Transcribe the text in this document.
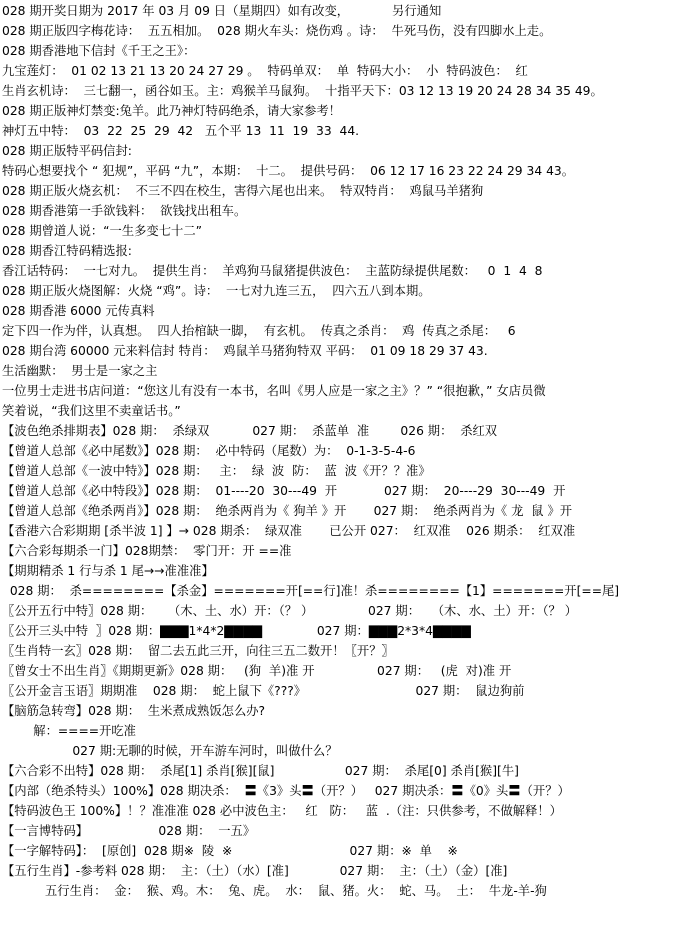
028 期开奖日期为 2017 年 03 月 09 日（星期四）如有改变，           另行通知
028 期正版四字梅花诗：  五五相加。  028 期火车头：烧伤鸡 。诗：  牛死马伤，没有四脚水上走。
028 期香港地下信封《千王之王》：
九宝莲灯：  01 02 13 21 13 20 24 27 29 。  特码单双：  单  特码大小：  小  特码波色：  红
生肖玄机诗：  三七翻一，函谷如玉。主：鸡猴羊马鼠狗。  十指平天下：03 12 13 19 20 24 28 34 35 49。
028 期正版神灯禁变:兔羊。此乃神灯特码绝杀，请大家参考！
神灯五中特：  03  22  25  29  42   五个平 13  11  19  33  44.
028 期正版特平码信封:
特码心想要找个 “ 犯规”，平码 “九”，本期：  十二。  提供号码：  06 12 17 16 23 22 24 29 34 43。
028 期正版火烧玄机：  不三不四在校生，害得六尾也出来。  特双特肖：  鸡鼠马羊猪狗
028 期香港第一手欲钱料：  欲钱找出租车。
028 期曾道人说：“一生多变七十二”
028 期香江特码精选报:
香江话特码：  一七对九。  提供生肖：  羊鸡狗马鼠猪提供波色：  主蓝防绿提供尾数：   0  1  4  8
028 期正版火烧图解：火烧 “鸡”。诗：  一七对九连三五，  四六五八到本期。
028 期香港 6000 元传真料
定下四一作为伴，认真想。  四人抬棺缺一脚，  有玄机。  传真之杀肖：  鸡  传真之杀尾：   6
028 期台湾 60000 元来料信封 特肖：  鸡鼠羊马猪狗特双 平码：  01 09 18 29 37 43.
生活幽默：  男士是一家之主
一位男士走进书店问道：“您这儿有没有一本书，名叫《男人应是一家之主》？” “很抱歉，” 女店员微
笑着说，“我们这里不卖童话书。”
【波色绝杀排期表】028 期：  杀绿双           027 期：  杀蓝单  准        026 期：  杀红双
【曾道人总部《必中尾数》】028 期：  必中特码（尾数）为：  0-1-3-5-4-6
【曾道人总部《一波中特》】028 期：   主：  绿  波  防：  蓝  波《开？？准》
【曾道人总部《必中特段》】028 期：  01----20  30---49  开            027 期：  20----29  30---49  开
【曾道人总部《绝杀两肖》】028 期：  绝杀两肖为《 狗羊 》开       027 期：  绝杀两肖为《 龙  鼠 》开
【香港六合彩期期 [杀半波 1] 】→ 028 期杀：  绿双准       已公开 027：  红双准    026 期杀：  红双准
【六合彩每期杀一门】028期禁：  零门开：开 ==准
【期期精杀 1 行与杀 1 尾→→准准准】
028 期：  杀========【杀金】=======开[==行]准！杀========【1】=======开[==尾]
〖公开五行中特〗028 期：    （木、土、水）开：（？ ）              027 期：   （木、水、土）开：（？ ）
〖公开三头中特  〗028 期：▇▇▇1*4*2▇▇▇▇              027 期：▇▇▇2*3*4▇▇▇▇
〖生肖特一玄〗028 期：  留二去五此三开，向往三五二数开！〖开？〗
〖曾女士不出生肖〗《期期更新》028 期：   (狗  羊)准 开                027 期：   (虎  对)准 开
〖公开金言玉语〗期期准    028 期：  蛇上鼠下《???》                            027 期：  鼠边狗前
【脑筋急转弯】028 期：  生米煮成熟饭怎么办?
解：====开吃准
027 期:无聊的时候，开车游车河时，叫做什么？
【六合彩不出特】028 期：  杀尾[1] 杀肖[猴][鼠]                  027 期：  杀尾[0] 杀肖[猴][牛]
【内部（绝杀特头）100%】028 期决杀：  〓《3》头〓（开？）   027 期决杀：〓《0》头〓（开？）
【特码波色王 100%】！？准准准 028 必中波色主：   红   防：   蓝  .（注：只供参考，不做解释！）
【一言博特码】                  028 期：  一五》
【一字解特码】：  [原创]  028 期※  陵  ※                              027 期：※  单    ※
【五行生肖】-参考料 028 期：  主：（土）（水）[准]             027 期：  主：（土）（金）[准]
五行生肖：  金：  猴、鸡。木：  兔、虎。  水：  鼠、猪。火：  蛇、马。  土：  牛龙-羊-狗
